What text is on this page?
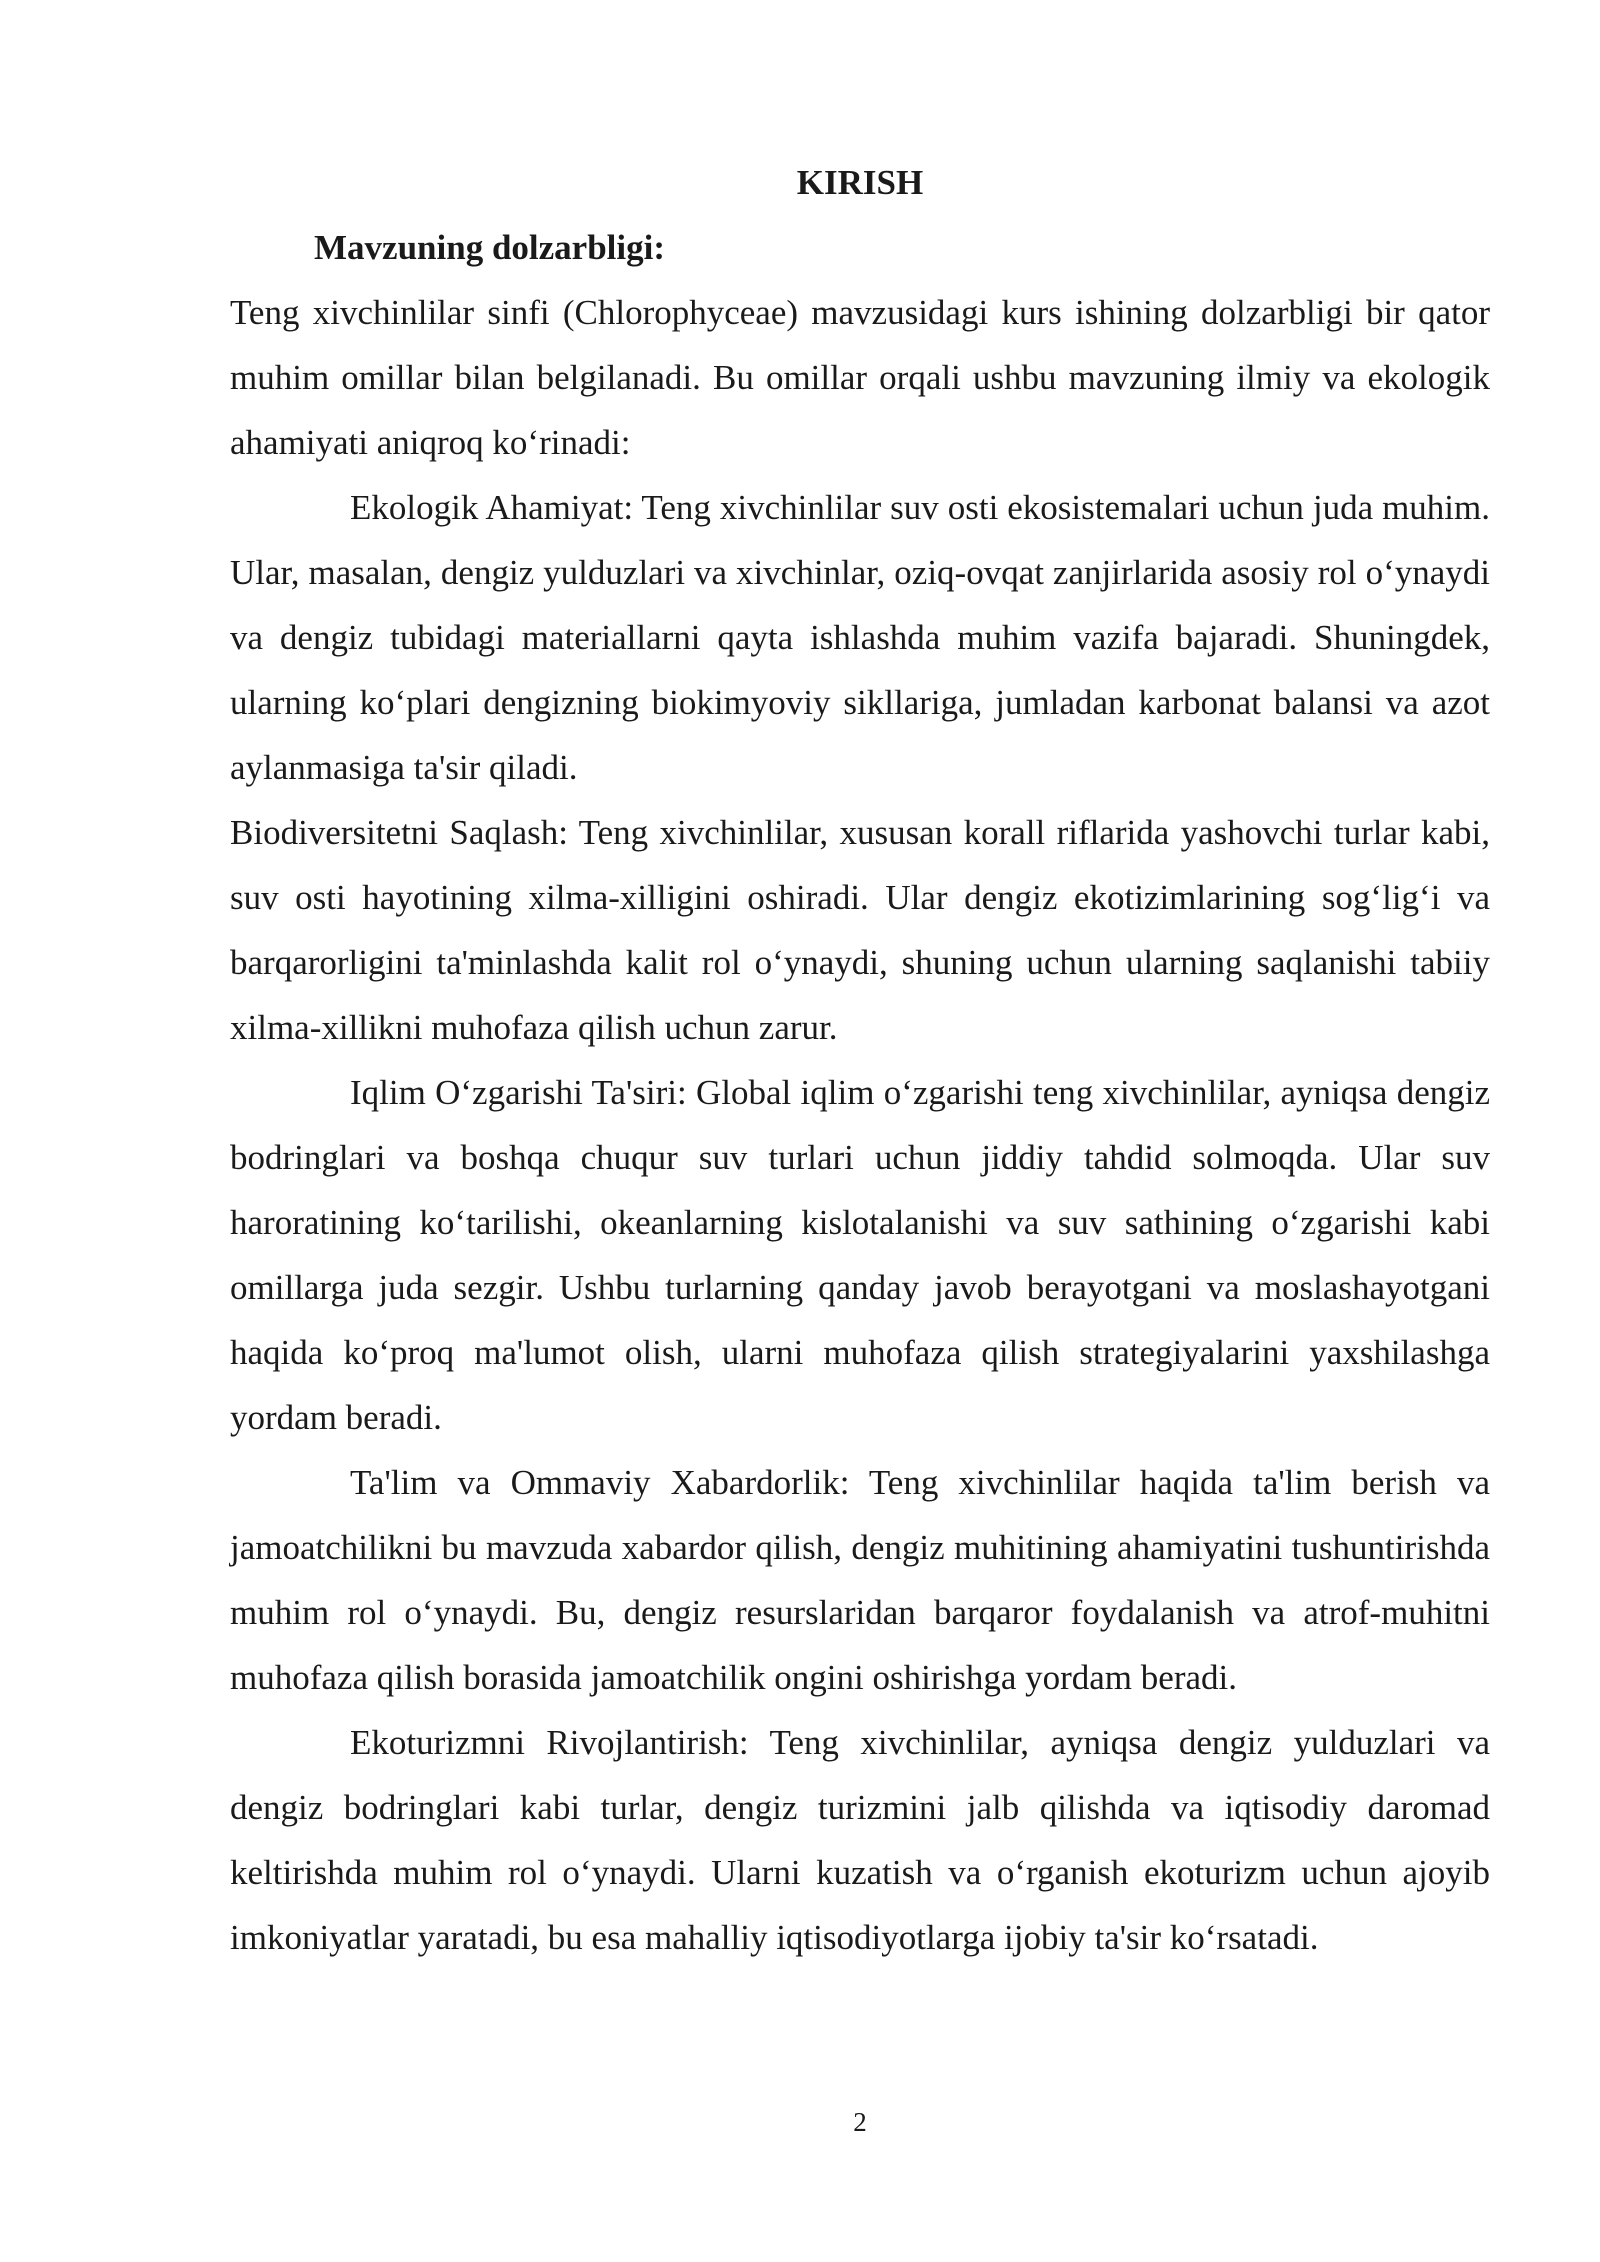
KIRISH
Mavzuning dolzarbligi:

Teng xivchinlilar sinfi (Chlorophyceae) mavzusidagi kurs ishining dolzarbligi bir qator muhim omillar bilan belgilanadi. Bu omillar orqali ushbu mavzuning ilmiy va ekologik ahamiyati aniqroq ko‘rinadi:

Ekologik Ahamiyat: Teng xivchinlilar suv osti ekosistemalari uchun juda muhim. Ular, masalan, dengiz yulduzlari va xivchinlar, oziq-ovqat zanjirlarida asosiy rol o‘ynaydi va dengiz tubidagi materiallarni qayta ishlashda muhim vazifa bajaradi. Shuningdek, ularning ko‘plari dengizning biokimyoviy sikllariga, jumladan karbonat balansi va azot aylanmasiga ta'sir qiladi.

Biodiversitetni Saqlash: Teng xivchinlilar, xususan korall riflarida yashovchi turlar kabi, suv osti hayotining xilma-xilligini oshiradi. Ular dengiz ekotizimlarining sog‘lig‘i va barqarorligini ta'minlashda kalit rol o‘ynaydi, shuning uchun ularning saqlanishi tabiiy xilma-xillikni muhofaza qilish uchun zarur.

Iqlim O‘zgarishi Ta'siri: Global iqlim o‘zgarishi teng xivchinlilar, ayniqsa dengiz bodringlari va boshqa chuqur suv turlari uchun jiddiy tahdid solmoqda. Ular suv haroratining ko‘tarilishi, okeanlarning kislotalanishi va suv sathining o‘zgarishi kabi omillarga juda sezgir. Ushbu turlarning qanday javob berayotgani va moslashayotgani haqida ko‘proq ma'lumot olish, ularni muhofaza qilish strategiyalarini yaxshilashga yordam beradi.

Ta'lim va Ommaviy Xabardorlik: Teng xivchinlilar haqida ta'lim berish va jamoatchilikni bu mavzuda xabardor qilish, dengiz muhitining ahamiyatini tushuntirishda muhim rol o‘ynaydi. Bu, dengiz resurslaridan barqaror foydalanish va atrof-muhitni muhofaza qilish borasida jamoatchilik ongini oshirishga yordam beradi.

Ekoturizmni Rivojlantirish: Teng xivchinlilar, ayniqsa dengiz yulduzlari va dengiz bodringlari kabi turlar, dengiz turizmini jalb qilishda va iqtisodiy daromad keltirishda muhim rol o‘ynaydi. Ularni kuzatish va o‘rganish ekoturizm uchun ajoyib imkoniyatlar yaratadi, bu esa mahalliy iqtisodiyotlarga ijobiy ta'sir ko‘rsatadi.

2
